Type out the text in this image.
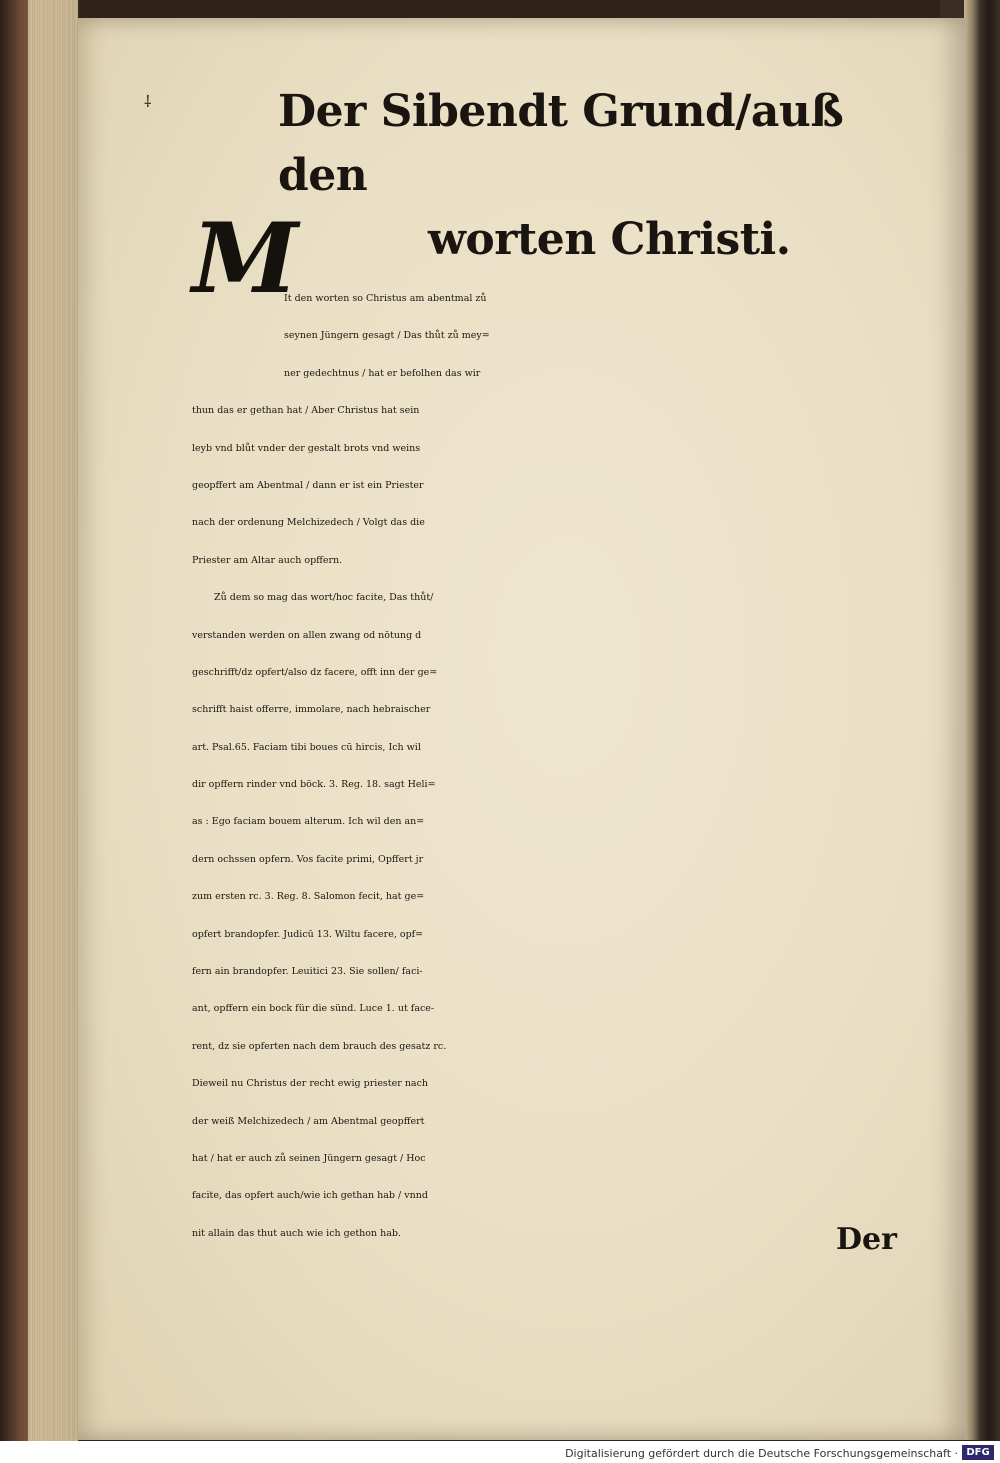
⸸	Der Sibendt Grund/auß den
worten Christi.
It den worten so Christus am abentmal zů
seynen Jüngern gesagt / Das thůt zů mey=
ner gedechtnus / hat er befolhen das wir
thun das er gethan hat / Aber Christus hat sein
leyb vnd blůt vnder der gestalt brots vnd weins
geopffert am Abentmal / dann er ist ein Priester
nach der ordenung Melchizedech / Volgt das die
Priester am Altar auch opffern.
Zů dem so mag das wort/hoc facite, Das thůt/
verstanden werden on allen zwang od nötung d
geschrifft/dz opfert/also dz facere, offt inn der ge=
schrifft haist offerre, immolare, nach hebraischer
art. Psal.65. Faciam tibi boues cū hircis, Ich wil
dir opffern rinder vnd böck. 3. Reg. 18. sagt Heli=
as : Ego faciam bouem alterum. Ich wil den an=
dern ochssen opfern. Vos facite primi, Opffert jr
zum ersten rc. 3. Reg. 8. Salomon fecit, hat ge=
opfert brandopfer. Judicū 13. Wiltu facere, opf=
fern ain brandopfer. Leuitici 23. Sie sollen/ faci-
ant, opffern ein bock für die sünd. Luce 1. ut face-
rent, dz sie opferten nach dem brauch des gesatz rc.
Dieweil nu Christus der recht ewig priester nach
der weiß Melchizedech / am Abentmal geopffert
hat / hat er auch zů seinen Jüngern gesagt / Hoc
facite, das opfert auch/wie ich gethan hab / vnnd
nit allain das thut auch wie ich gethon hab.
M
Der
Digitalisierung gefördert durch die Deutsche Forschungsgemeinschaft · DFG
